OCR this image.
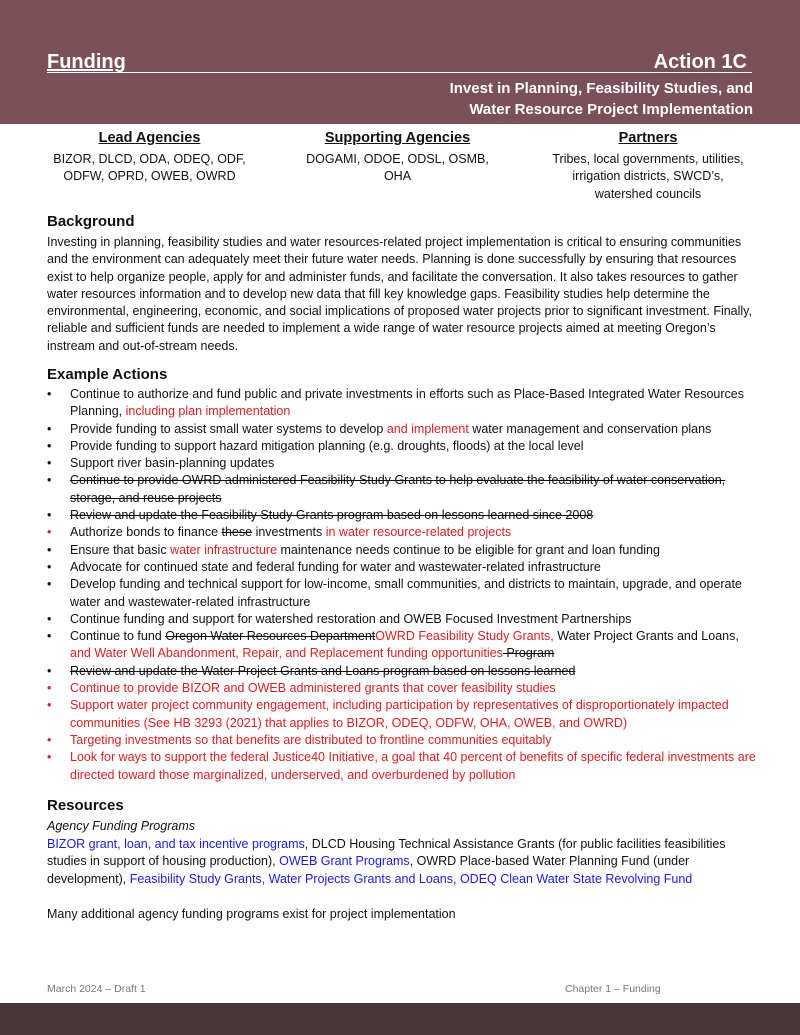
Funding	Action 1C
Invest in Planning, Feasibility Studies, and
Water Resource Project Implementation
Lead Agencies
BIZOR, DLCD, ODA, ODEQ, ODF,
ODFW, OPRD, OWEB, OWRD
Supporting Agencies
DOGAMI, ODOE, ODSL, OSMB, OHA
Partners
Tribes, local governments, utilities,
irrigation districts, SWCD’s,
watershed councils
Background
Investing in planning, feasibility studies and water resources-related project implementation is critical to ensuring communities and the environment can adequately meet their future water needs. Planning is done successfully by ensuring that resources exist to help organize people, apply for and administer funds, and facilitate the conversation. It also takes resources to gather water resources information and to develop new data that fill key knowledge gaps. Feasibility studies help determine the environmental, engineering, economic, and social implications of proposed water projects prior to significant investment. Finally, reliable and sufficient funds are needed to implement a wide range of water resource projects aimed at meeting Oregon’s instream and out-of-stream needs.
Example Actions
• Continue to authorize and fund public and private investments in efforts such as Place-Based Integrated Water Resources Planning, including plan implementation
• Provide funding to assist small water systems to develop and implement water management and conservation plans
• Provide funding to support hazard mitigation planning (e.g. droughts, floods) at the local level
• Support river basin-planning updates
• Continue to provide OWRD administered Feasibility Study Grants to help evaluate the feasibility of water conservation, storage, and reuse projects
• Review and update the Feasibility Study Grants program based on lessons learned since 2008
• Authorize bonds to finance these investments in water resource-related projects
• Ensure that basic water infrastructure maintenance needs continue to be eligible for grant and loan funding
• Advocate for continued state and federal funding for water and wastewater-related infrastructure
• Develop funding and technical support for low-income, small communities, and districts to maintain, upgrade, and operate water and wastewater-related infrastructure
• Continue funding and support for watershed restoration and OWEB Focused Investment Partnerships
• Continue to fund Oregon Water Resources DepartmentOWRD Feasibility Study Grants, Water Project Grants and Loans, and Water Well Abandonment, Repair, and Replacement funding opportunities Program
• Review and update the Water Project Grants and Loans program based on lessons learned
• Continue to provide BIZOR and OWEB administered grants that cover feasibility studies
• Support water project community engagement, including participation by representatives of disproportionately impacted communities (See HB 3293 (2021) that applies to BIZOR, ODEQ, ODFW, OHA, OWEB, and OWRD)
• Targeting investments so that benefits are distributed to frontline communities equitably
• Look for ways to support the federal Justice40 Initiative, a goal that 40 percent of benefits of specific federal investments are directed toward those marginalized, underserved, and overburdened by pollution
Resources
Agency Funding Programs
BIZOR grant, loan, and tax incentive programs, DLCD Housing Technical Assistance Grants (for public facilities feasibilities studies in support of housing production), OWEB Grant Programs, OWRD Place-based Water Planning Fund (under development), Feasibility Study Grants, Water Projects Grants and Loans, ODEQ Clean Water State Revolving Fund
Many additional agency funding programs exist for project implementation
March 2024 – Draft 1	Chapter 1 – Funding
